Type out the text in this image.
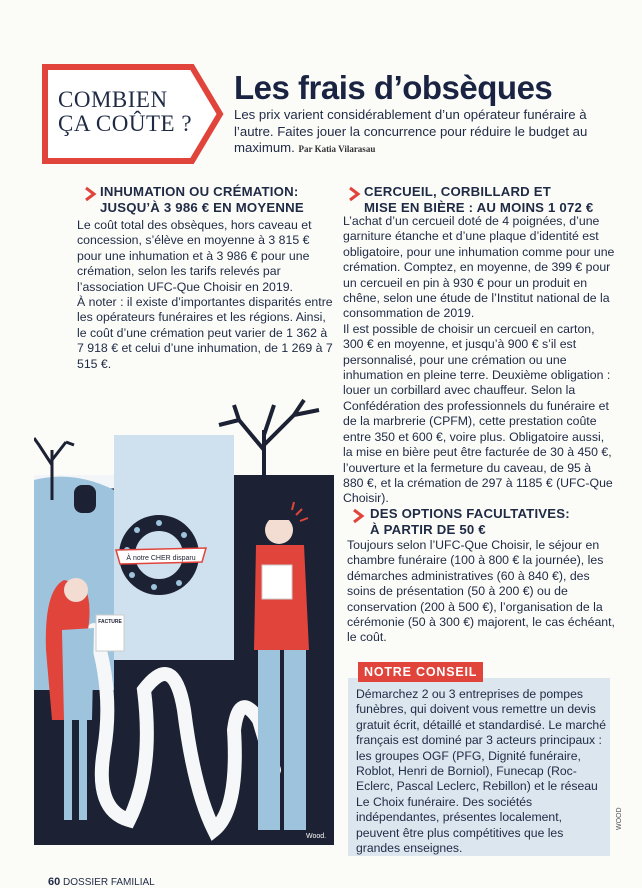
COMBIEN
ÇA COÛTE ?
Les frais d’obsèques
Les prix varient considérablement d’un opérateur funéraire à l’autre. Faites jouer la concurrence pour réduire le budget au maximum. Par Katia Vilarasau
INHUMATION OU CRÉMATION:
JUSQU’À 3 986 € EN MOYENNE

Le coût total des obsèques, hors caveau et concession, s’élève en moyenne à 3 815 € pour une inhumation et à 3 986 € pour une crémation, selon les tarifs relevés par l’association UFC-Que Choisir en 2019.

À noter : il existe d’importantes disparités entre les opérateurs funéraires et les régions. Ainsi, le coût d’une crémation peut varier de 1 362 à 7 918 € et celui d’une inhumation, de 1 269 à 7 515 €.

CERCUEIL, CORBILLARD ET
MISE EN BIÈRE : AU MOINS 1 072 €

L’achat d’un cercueil doté de 4 poignées, d’une garniture étanche et d’une plaque d’identité est obligatoire, pour une inhumation comme pour une crémation. Comptez, en moyenne, de 399 € pour un cercueil en pin à 930 € pour un produit en chêne, selon une étude de l’Institut national de la consommation de 2019.

Il est possible de choisir un cercueil en carton, 300 € en moyenne, et jusqu’à 900 € s’il est personnalisé, pour une crémation ou une inhumation en pleine terre. Deuxième obligation : louer un corbillard avec chauffeur. Selon la Confédération des professionnels du funéraire et de la marbrerie (CPFM), cette prestation coûte entre 350 et 600 €, voire plus. Obligatoire aussi, la mise en bière peut être facturée de 30 à 450 €, l’ouverture et la fermeture du caveau, de 95 à 880 €, et la crémation de 297 à 1185 € (UFC-Que Choisir).

DES OPTIONS FACULTATIVES:
À PARTIR DE 50 €

Toujours selon l’UFC-Que Choisir, le séjour en chambre funéraire (100 à 800 € la journée), les démarches administratives (60 à 840 €), des soins de présentation (50 à 200 €) ou de conservation (200 à 500 €), l’organisation de la cérémonie (50 à 300 €) majorent, le cas échéant, le coût.

NOTRE CONSEIL
Démarchez 2 ou 3 entreprises de pompes funèbres, qui doivent vous remettre un devis gratuit écrit, détaillé et standardisé. Le marché français est dominé par 3 acteurs principaux : les groupes OGF (PFG, Dignité funéraire, Roblot, Henri de Borniol), Funecap (Roc-Eclerc, Pascal Leclerc, Rebillon) et le réseau Le Choix funéraire. Des sociétés indépendantes, présentes localement, peuvent être plus compétitives que les grandes enseignes.
À notre CHER disparu
FACTURE
Wood.
60 DOSSIER FAMILIAL
WOOD
